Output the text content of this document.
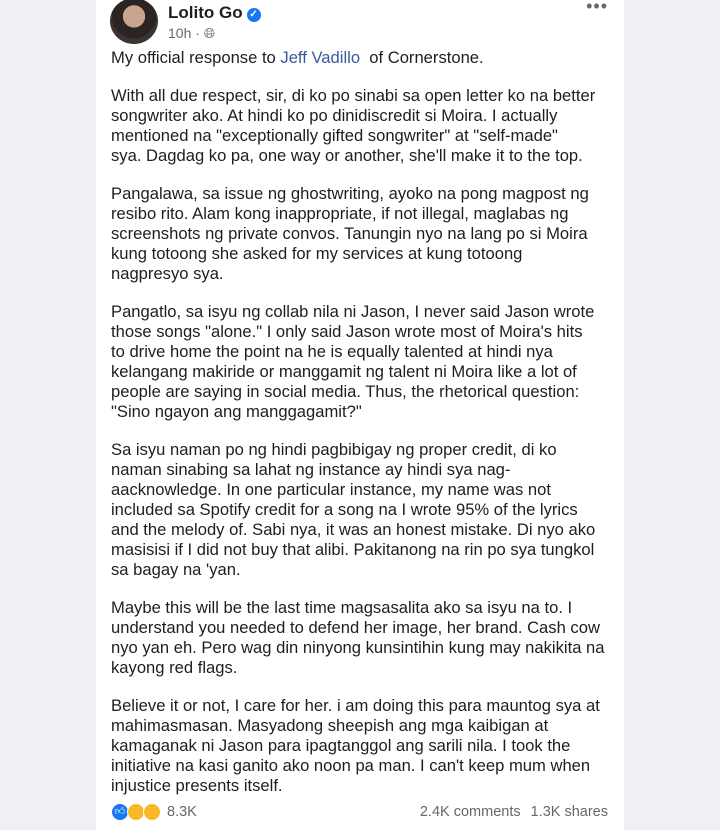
Lolito Go ✓
10h · 🌐︎
•••
My official response to Jeff Vadillo  of Cornerstone.
With all due respect, sir, di ko po sinabi sa open letter ko na better
songwriter ako. At hindi ko po dinidiscredit si Moira. I actually
mentioned na "exceptionally gifted songwriter" at "self-made"
sya. Dagdag ko pa, one way or another, she'll make it to the top.
Pangalawa, sa issue ng ghostwriting, ayoko na pong magpost ng
resibo rito. Alam kong inappropriate, if not illegal, maglabas ng
screenshots ng private convos. Tanungin nyo na lang po si Moira
kung totoong she asked for my services at kung totoong
nagpresyo sya.
Pangatlo, sa isyu ng collab nila ni Jason, I never said Jason wrote
those songs "alone." I only said Jason wrote most of Moira's hits
to drive home the point na he is equally talented at hindi nya
kelangang makiride or manggamit ng talent ni Moira like a lot of
people are saying in social media. Thus, the rhetorical question:
"Sino ngayon ang manggagamit?"
Sa isyu naman po ng hindi pagbibigay ng proper credit, di ko
naman sinabing sa lahat ng instance ay hindi sya nag-
aacknowledge. In one particular instance, my name was not
included sa Spotify credit for a song na I wrote 95% of the lyrics
and the melody of. Sabi nya, it was an honest mistake. Di nyo ako
masisisi if I did not buy that alibi. Pakitanong na rin po sya tungkol
sa bagay na 'yan.
Maybe this will be the last time magsasalita ako sa isyu na to. I
understand you needed to defend her image, her brand. Cash cow
nyo yan eh. Pero wag din ninyong kunsintihin kung may nakikita na
kayong red flags.
Believe it or not, I care for her. i am doing this para mauntog sya at
mahimasmasan. Masyadong sheepish ang mga kaibigan at
kamaganak ni Jason para ipagtanggol ang sarili nila. I took the
initiative na kasi ganito ako noon pa man. I can't keep mum when
injustice presents itself.
👍︎	8.3K	2.4K comments 1.3K shares
